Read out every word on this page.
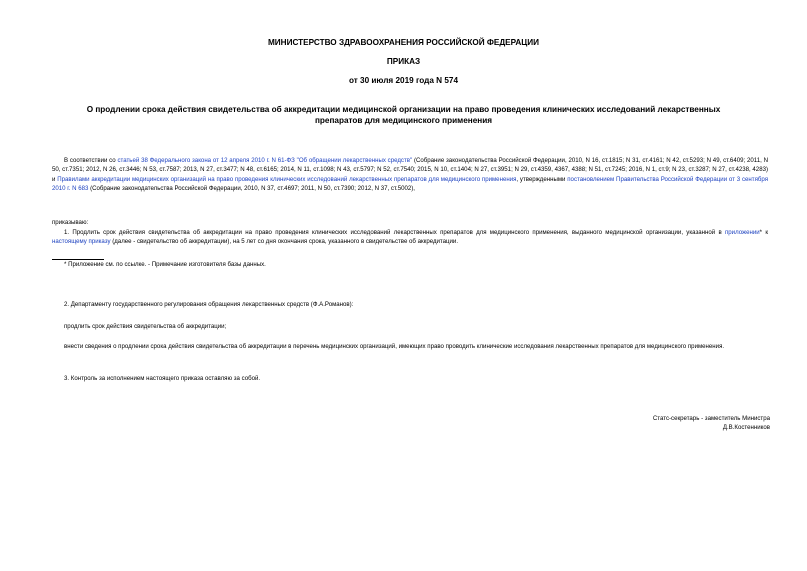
МИНИСТЕРСТВО ЗДРАВООХРАНЕНИЯ РОССИЙСКОЙ ФЕДЕРАЦИИ
ПРИКАЗ
от 30 июля 2019 года N 574
О продлении срока действия свидетельства об аккредитации медицинской организации на право проведения клинических исследований лекарственных
препаратов для медицинского применения
В соответствии со статьей 38 Федерального закона от 12 апреля 2010 г. N 61-ФЗ "Об обращении лекарственных средств" (Собрание законодательства Российской Федерации, 2010, N 16, ст.1815; N 31, ст.4161; N 42, ст.5293; N 49, ст.6409; 2011, N 50, ст.7351; 2012, N 26, ст.3446; N 53, ст.7587; 2013, N 27, ст.3477; N 48, ст.6165; 2014, N 11, ст.1098; N 43, ст.5797; N 52, ст.7540; 2015, N 10, ст.1404; N 27, ст.3951; N 29, ст.4359, 4367, 4388; N 51, ст.7245; 2016, N 1, ст.9; N 23, ст.3287; N 27, ст.4238, 4283) и Правилами аккредитации медицинских организаций на право проведения клинических исследований лекарственных препаратов для медицинского применения, утвержденными постановлением Правительства Российской Федерации от 3 сентября 2010 г. N 683 (Собрание законодательства Российской Федерации, 2010, N 37, ст.4697; 2011, N 50, ст.7390; 2012, N 37, ст.5002),
приказываю:
1. Продлить срок действия свидетельства об аккредитации на право проведения клинических исследований лекарственных препаратов для медицинского применения, выданного медицинской организации, указанной в приложении* к настоящему приказу (далее - свидетельство об аккредитации), на 5 лет со дня окончания срока, указанного в свидетельстве об аккредитации.
* Приложение см. по ссылке. - Примечание изготовителя базы данных.
2. Департаменту государственного регулирования обращения лекарственных средств (Ф.А.Романов):
продлить срок действия свидетельства об аккредитации;
внести сведения о продлении срока действия свидетельства об аккредитации в перечень медицинских организаций, имеющих право проводить клинические исследования лекарственных препаратов для медицинского применения.
3. Контроль за исполнением настоящего приказа оставляю за собой.
Статс-секретарь - заместитель Министра
Д.В.Костенников
